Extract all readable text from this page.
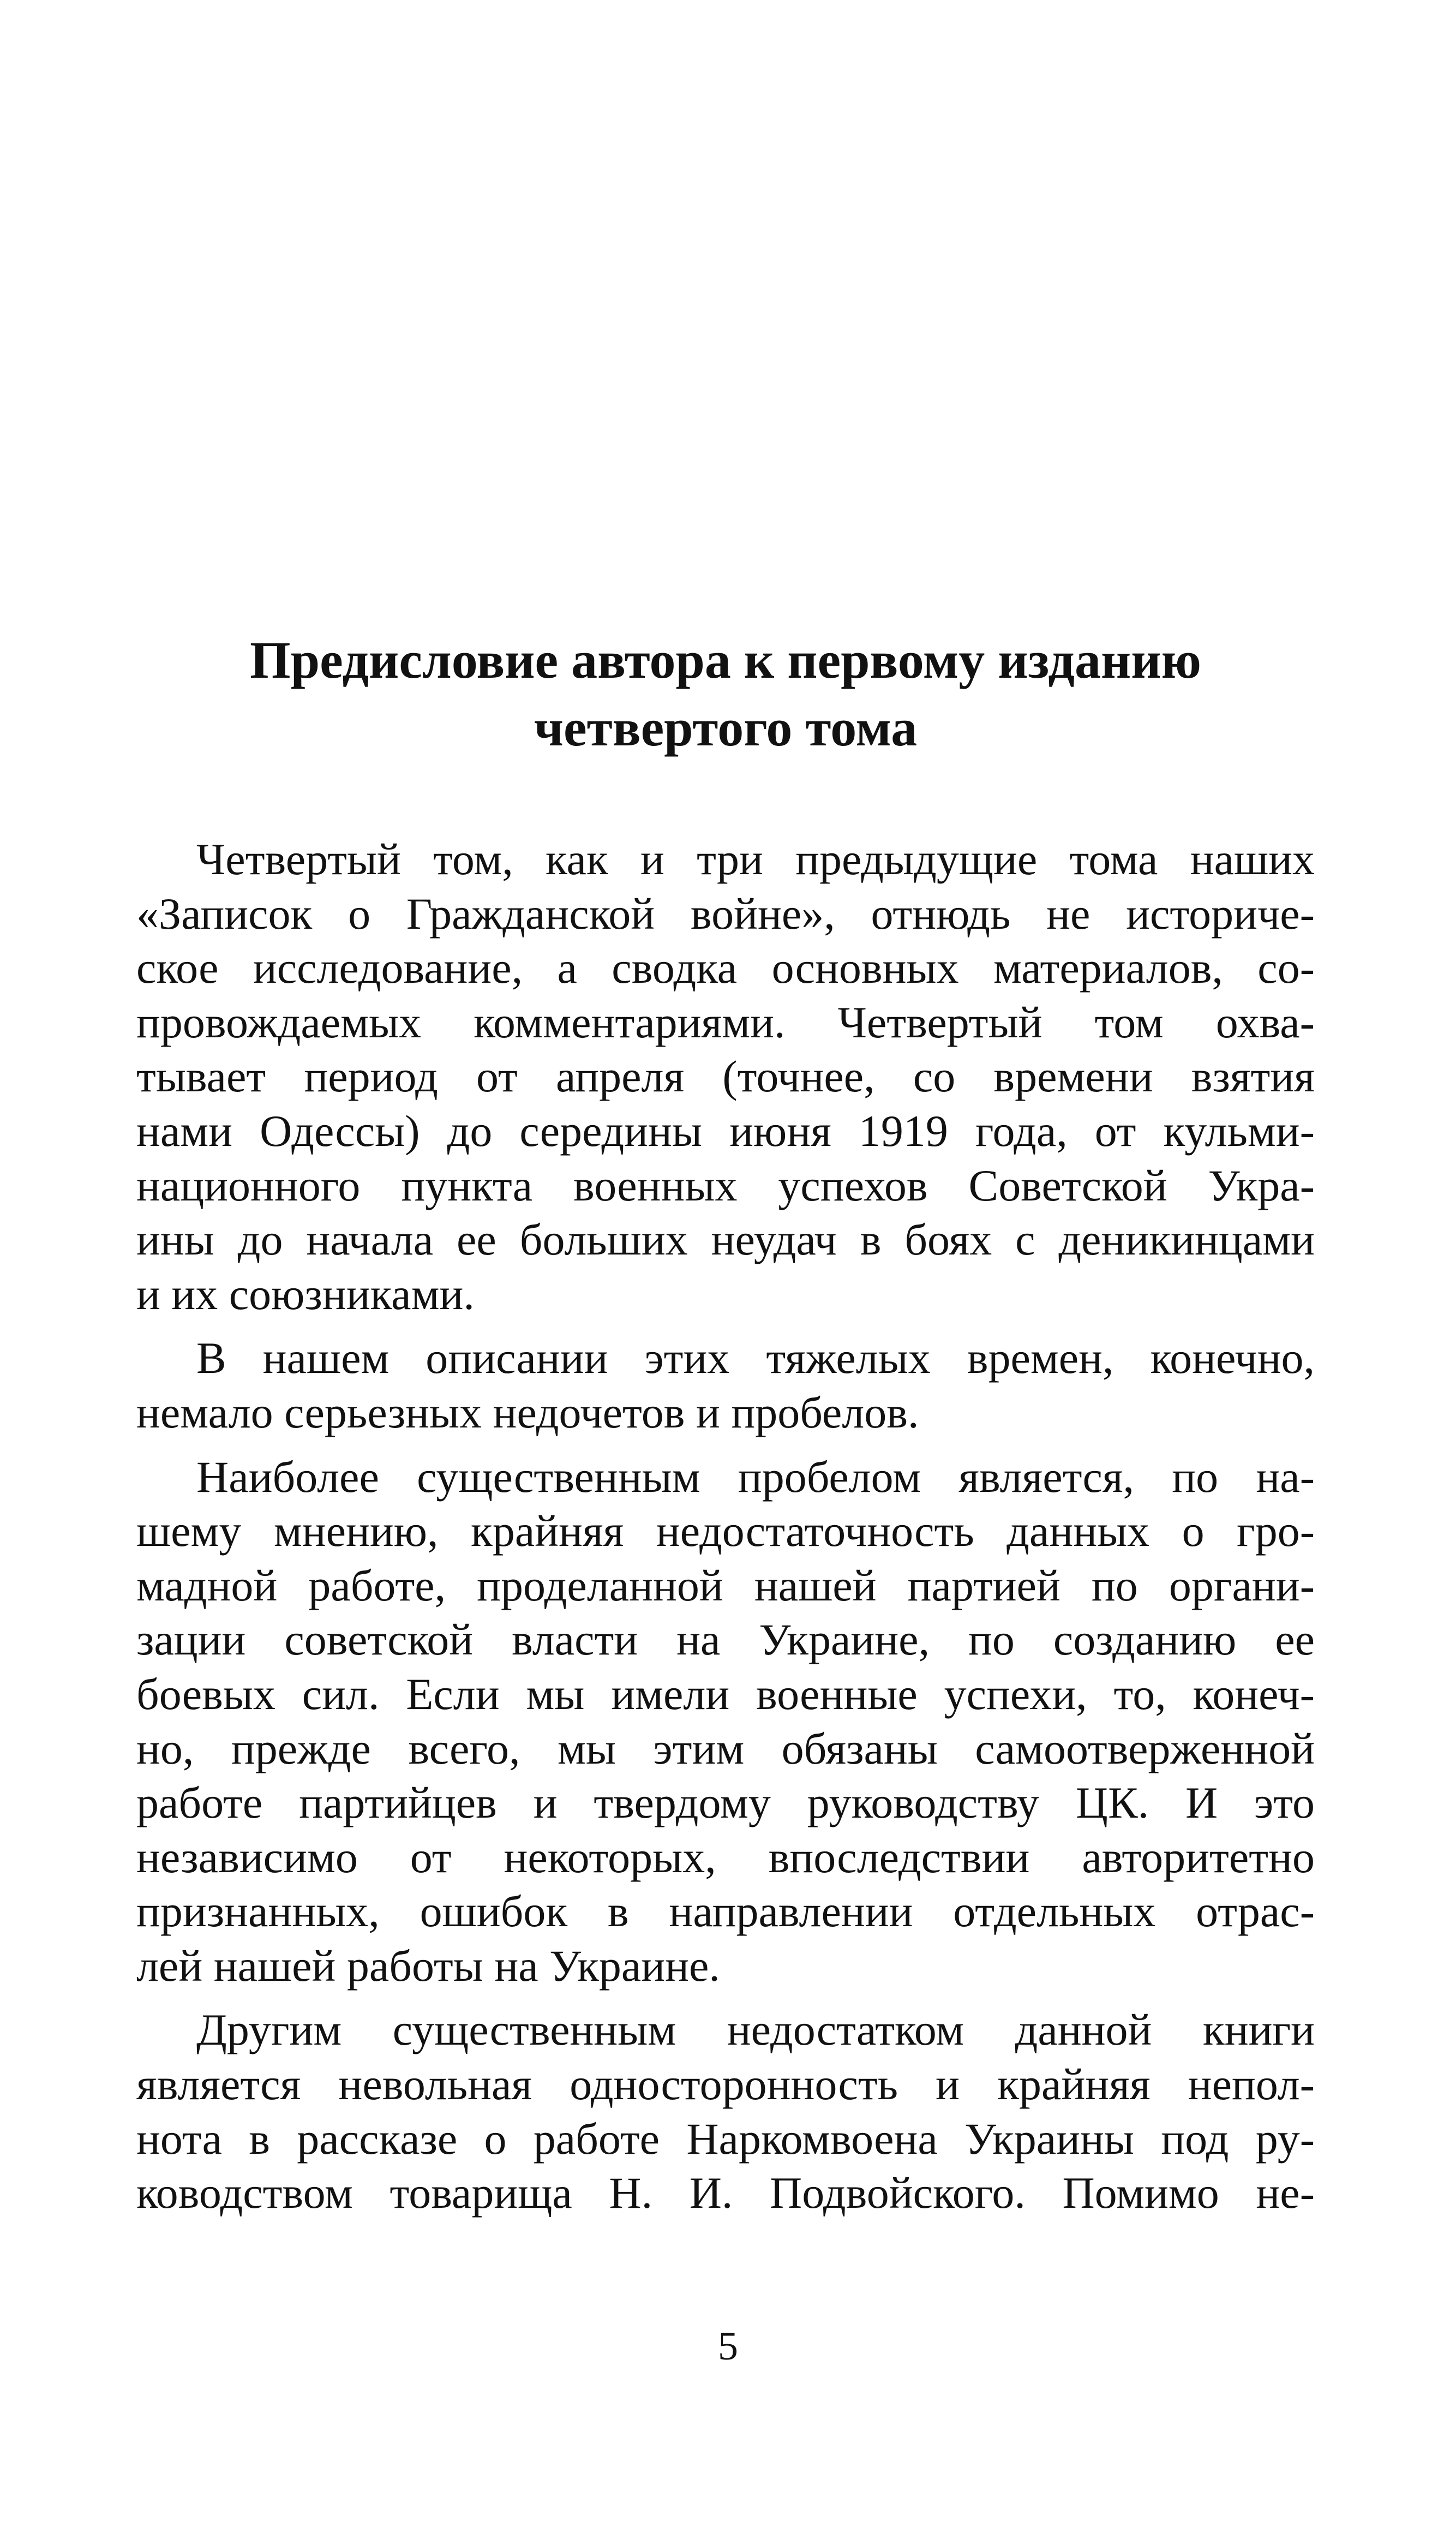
Предисловие автора к первому изданию
четвертого тома

Четвертый том, как и три предыдущие тома наших
«Записок о Гражданской войне», отнюдь не историче-
ское исследование, а сводка основных материалов, со-
провождаемых комментариями. Четвертый том охва-
тывает период от апреля (точнее, со времени взятия
нами Одессы) до середины июня 1919 года, от кульми-
национного пункта военных успехов Советской Укра-
ины до начала ее больших неудач в боях с деникинцами
и их союзниками.

В нашем описании этих тяжелых времен, конечно,
немало серьезных недочетов и пробелов.

Наиболее существенным пробелом является, по на-
шему мнению, крайняя недостаточность данных о гро-
мадной работе, проделанной нашей партией по органи-
зации советской власти на Украине, по созданию ее
боевых сил. Если мы имели военные успехи, то, конеч-
но, прежде всего, мы этим обязаны самоотверженной
работе партийцев и твердому руководству ЦК. И это
независимо от некоторых, впоследствии авторитетно
признанных, ошибок в направлении отдельных отрас-
лей нашей работы на Украине.

Другим существенным недостатком данной книги
является невольная односторонность и крайняя непол-
нота в рассказе о работе Наркомвоена Украины под ру-
ководством товарища Н. И. Подвойского. Помимо не-

5
